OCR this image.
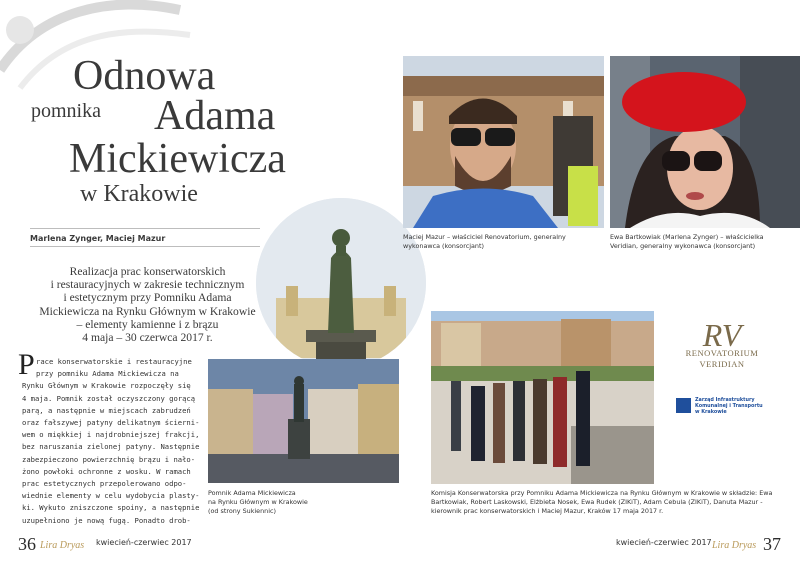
Odnowa
pomnika Adama
Mickiewicza
w Krakowie
Marlena Zynger, Maciej Mazur
Realizacja prac konserwatorskich
i restauracyjnych w zakresie technicznym
i estetycznym przy Pomniku Adama
Mickiewicza na Rynku Głównym w Krakowie
– elementy kamienne i z brązu
4 maja – 30 czerwca 2017 r.
P race konserwatorskie i restauracyjne
przy pomniku Adama Mickiewicza na
Rynku Głównym w Krakowie rozpoczęły się
4 maja. Pomnik został oczyszczony gorącą
parą, a następnie w miejscach zabrudzeń
oraz fałszywej patyny delikatnym ścierni-
wem o miękkiej i najdrobniejszej frakcji,
bez naruszania zielonej patyny. Następnie
zabezpieczono powierzchnię brązu i nało-
żono powłoki ochronne z wosku. W ramach
prac estetycznych przepolerowano odpo-
wiednie elementy w celu wydobycia plasty-
ki. Wykuto zniszczone spoiny, a następnie
uzupełniono je nową fugą. Ponadto drob-
Maciej Mazur – właściciel Renovatorium, generalny
wykonawca (konsorcjant)
Ewa Bartkowiak (Marlena Zynger) – właścicielka
Veridian, generalny wykonawca (konsorcjant)
Pomnik Adama Mickiewicza
na Rynku Głównym w Krakowie
(od strony Sukiennic)
Komisja Konserwatorska przy Pomniku Adama Mickiewicza na Rynku Głównym w Krakowie w składzie: Ewa
Bartkowiak, Robert Laskowski, Elżbieta Nosek, Ewa Rudek (ZIKiT), Adam Cebula (ZIKiT), Danuta Mazur -
kierownik prac konserwatorskich i Maciej Mazur, Kraków 17 maja 2017 r.
RV
RENOVATORIUM
VERIDIAN
Zarząd Infrastruktury
Komunalnej i Transportu
w Krakowie
36 Lira Dryas kwiecień-czerwiec 2017	kwiecień-czerwiec 2017 Lira Dryas 37
